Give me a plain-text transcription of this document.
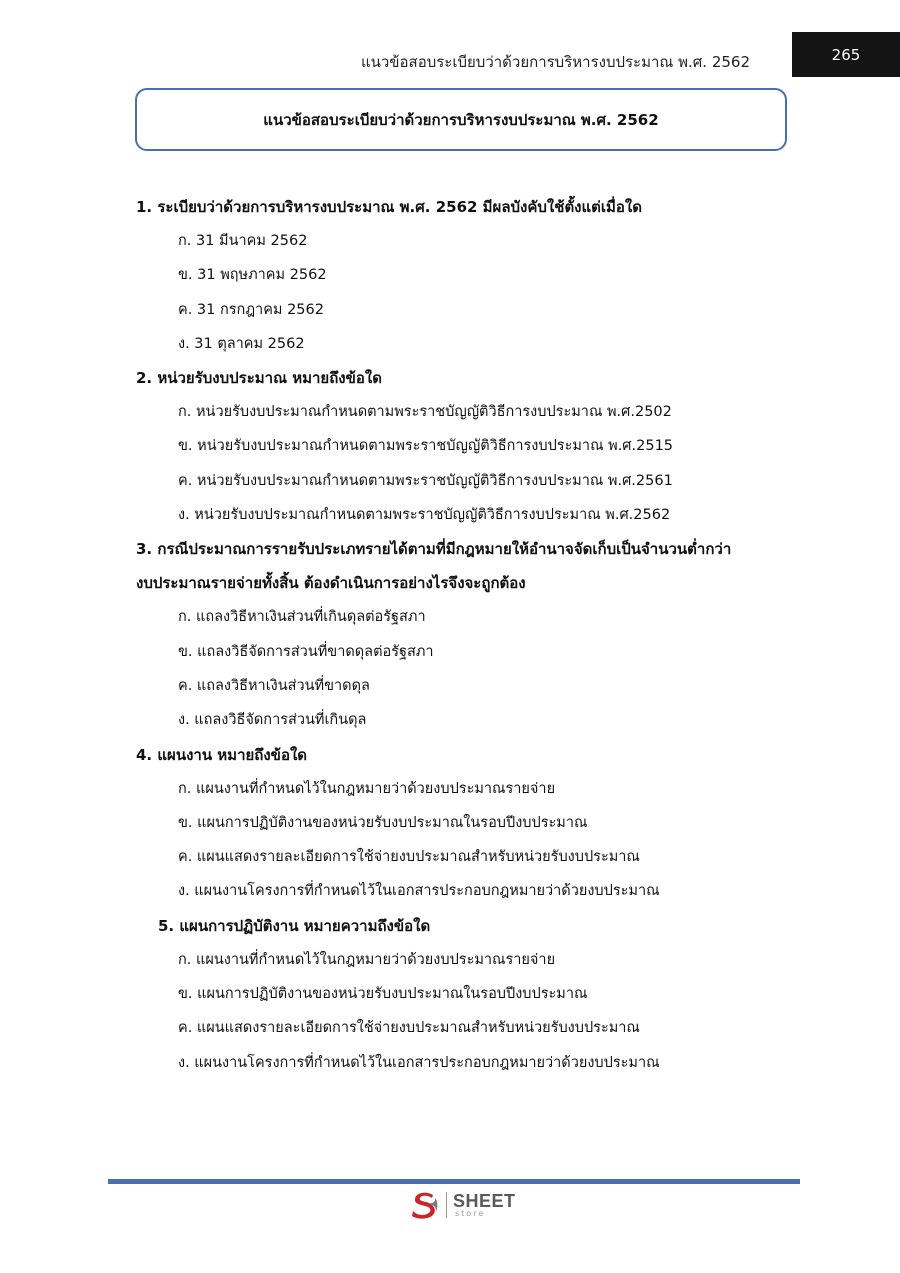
แนวข้อสอบระเบียบว่าด้วยการบริหารงบประมาณ พ.ศ. 2562	265
แนวข้อสอบระเบียบว่าด้วยการบริหารงบประมาณ พ.ศ. 2562
1. ระเบียบว่าด้วยการบริหารงบประมาณ พ.ศ. 2562 มีผลบังคับใช้ตั้งแต่เมื่อใด
ก. 31 มีนาคม 2562
ข. 31 พฤษภาคม 2562
ค. 31 กรกฎาคม 2562
ง. 31 ตุลาคม 2562
2. หน่วยรับงบประมาณ หมายถึงข้อใด
ก. หน่วยรับงบประมาณกำหนดตามพระราชบัญญัติวิธีการงบประมาณ พ.ศ.2502
ข. หน่วยรับงบประมาณกำหนดตามพระราชบัญญัติวิธีการงบประมาณ พ.ศ.2515
ค. หน่วยรับงบประมาณกำหนดตามพระราชบัญญัติวิธีการงบประมาณ พ.ศ.2561
ง. หน่วยรับงบประมาณกำหนดตามพระราชบัญญัติวิธีการงบประมาณ พ.ศ.2562
3. กรณีประมาณการรายรับประเภทรายได้ตามที่มีกฎหมายให้อำนาจจัดเก็บเป็นจำนวนต่ำกว่า
งบประมาณรายจ่ายทั้งสิ้น ต้องดำเนินการอย่างไรจึงจะถูกต้อง
ก. แถลงวิธีหาเงินส่วนที่เกินดุลต่อรัฐสภา
ข. แถลงวิธีจัดการส่วนที่ขาดดุลต่อรัฐสภา
ค. แถลงวิธีหาเงินส่วนที่ขาดดุล
ง. แถลงวิธีจัดการส่วนที่เกินดุล
4. แผนงาน หมายถึงข้อใด
ก. แผนงานที่กำหนดไว้ในกฎหมายว่าด้วยงบประมาณรายจ่าย
ข. แผนการปฏิบัติงานของหน่วยรับงบประมาณในรอบปีงบประมาณ
ค. แผนแสดงรายละเอียดการใช้จ่ายงบประมาณสำหรับหน่วยรับงบประมาณ
ง. แผนงานโครงการที่กำหนดไว้ในเอกสารประกอบกฎหมายว่าด้วยงบประมาณ
5. แผนการปฏิบัติงาน หมายความถึงข้อใด
ก. แผนงานที่กำหนดไว้ในกฎหมายว่าด้วยงบประมาณรายจ่าย
ข. แผนการปฏิบัติงานของหน่วยรับงบประมาณในรอบปีงบประมาณ
ค. แผนแสดงรายละเอียดการใช้จ่ายงบประมาณสำหรับหน่วยรับงบประมาณ
ง. แผนงานโครงการที่กำหนดไว้ในเอกสารประกอบกฎหมายว่าด้วยงบประมาณ
SHEET
store
